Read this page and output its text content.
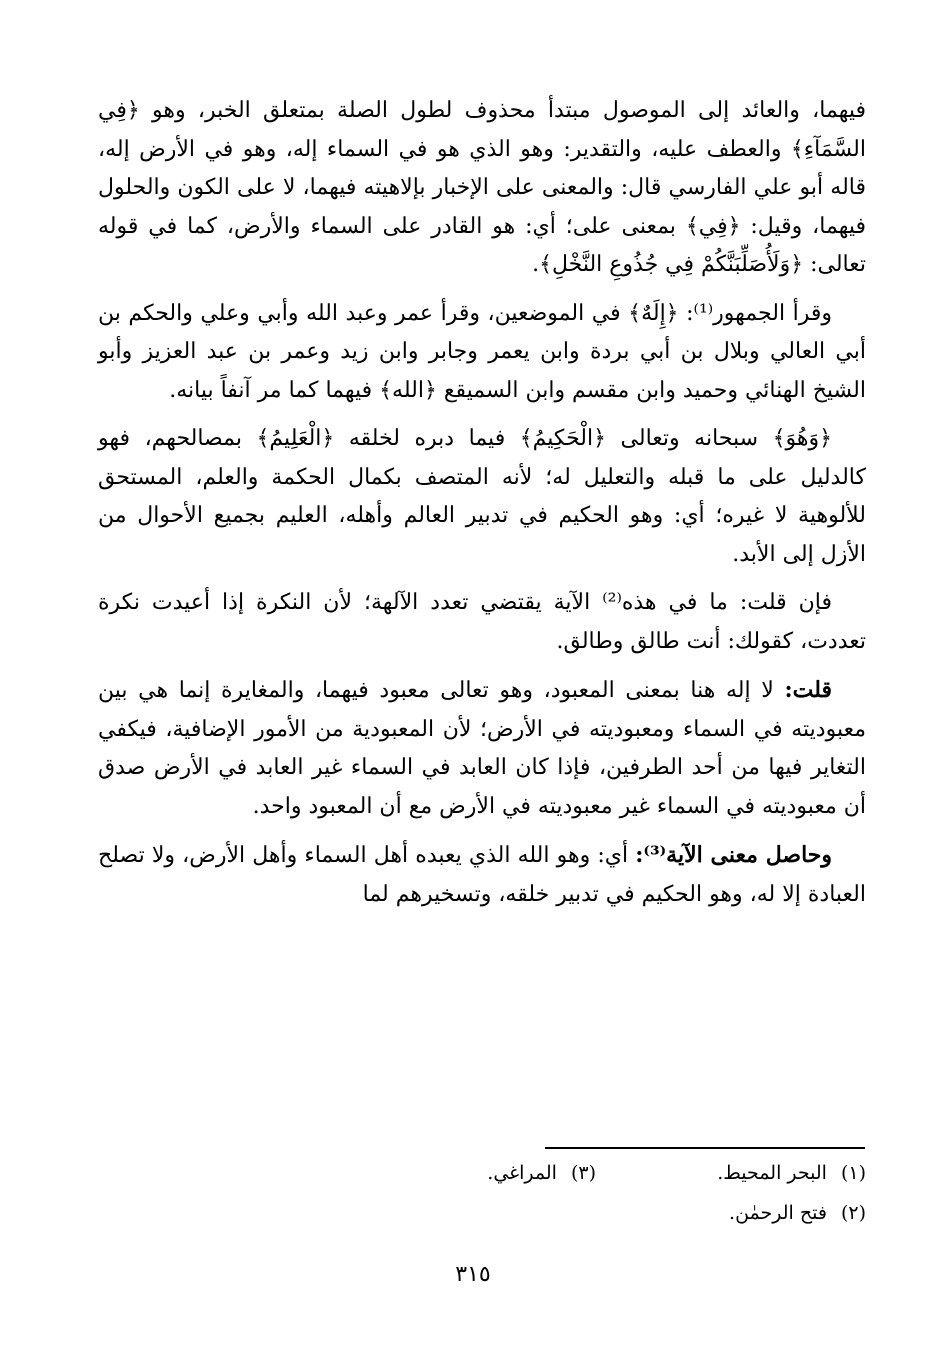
فيهما، والعائد إلى الموصول مبتدأ محذوف لطول الصلة بمتعلق الخبر، وهو ﴿فِي السَّمَآءِ﴾ والعطف عليه، والتقدير: وهو الذي هو في السماء إله، وهو في الأرض إله، قاله أبو علي الفارسي قال: والمعنى على الإخبار بإلاهيته فيهما، لا على الكون والحلول فيهما، وقيل: ﴿فِي﴾ بمعنى على؛ أي: هو القادر على السماء والأرض، كما في قوله تعالى: ﴿وَلَأُصَلِّبَنَّكُمْ فِي جُذُوعِ النَّخْلِ﴾.

وقرأ الجمهور⁽¹⁾: ﴿إِلَهٌ﴾ في الموضعين، وقرأ عمر وعبد الله وأبي وعلي والحكم بن أبي العالي وبلال بن أبي بردة وابن يعمر وجابر وابن زيد وعمر بن عبد العزيز وأبو الشيخ الهنائي وحميد وابن مقسم وابن السميقع ﴿الله﴾ فيهما كما مر آنفاً بيانه.

﴿وَهُوَ﴾ سبحانه وتعالى ﴿الْحَكِيمُ﴾ فيما دبره لخلقه ﴿الْعَلِيمُ﴾ بمصالحهم، فهو كالدليل على ما قبله والتعليل له؛ لأنه المتصف بكمال الحكمة والعلم، المستحق للألوهية لا غيره؛ أي: وهو الحكيم في تدبير العالم وأهله، العليم بجميع الأحوال من الأزل إلى الأبد.

فإن قلت: ما في هذه⁽²⁾ الآية يقتضي تعدد الآلهة؛ لأن النكرة إذا أعيدت نكرة تعددت، كقولك: أنت طالق وطالق.

قلت: لا إله هنا بمعنى المعبود، وهو تعالى معبود فيهما، والمغايرة إنما هي بين معبوديته في السماء ومعبوديته في الأرض؛ لأن المعبودية من الأمور الإضافية، فيكفي التغاير فيها من أحد الطرفين، فإذا كان العابد في السماء غير العابد في الأرض صدق أن معبوديته في السماء غير معبوديته في الأرض مع أن المعبود واحد.

وحاصل معنى الآية⁽³⁾: أي: وهو الله الذي يعبده أهل السماء وأهل الأرض، ولا تصلح العبادة إلا له، وهو الحكيم في تدبير خلقه، وتسخيرهم لما

(١)البحر المحيط.
(٣)المراغي.
(٢)فتح الرحمٰن.
٣١٥
